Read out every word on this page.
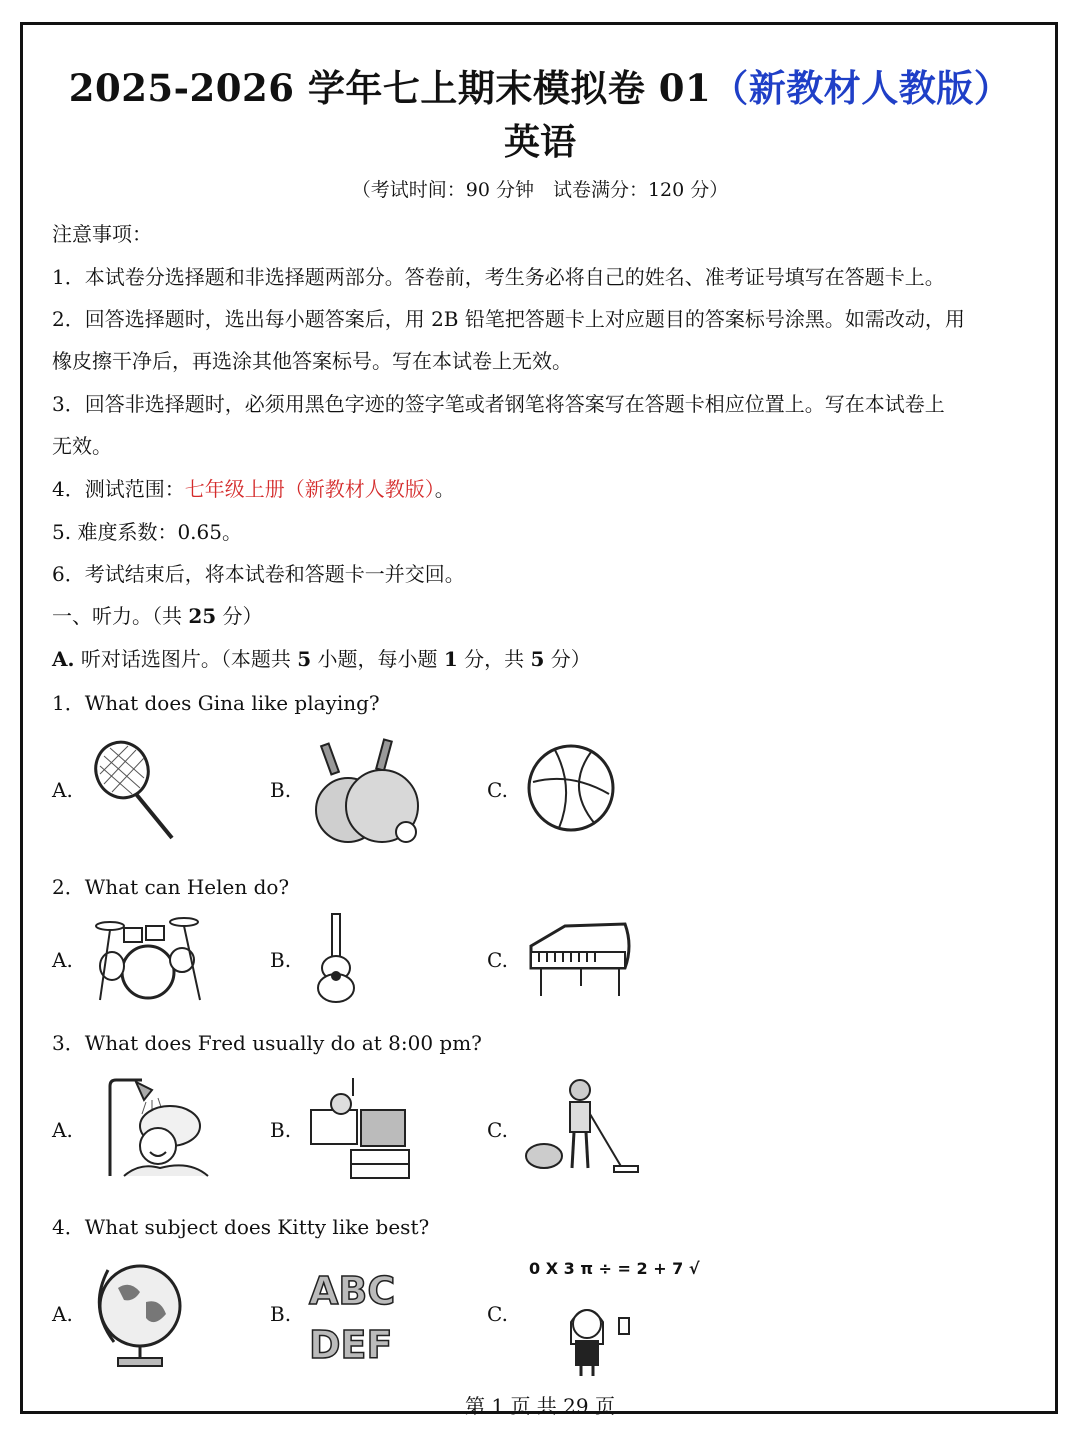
2025-2026 学年七上期末模拟卷 01（新教材人教版）
英语
（考试时间：90 分钟　试卷满分：120 分）
注意事项：
1．本试卷分选择题和非选择题两部分。答卷前，考生务必将自己的姓名、准考证号填写在答题卡上。
2．回答选择题时，选出每小题答案后，用 2B 铅笔把答题卡上对应题目的答案标号涂黑。如需改动，用
橡皮擦干净后，再选涂其他答案标号。写在本试卷上无效。
3．回答非选择题时，必须用黑色字迹的签字笔或者钢笔将答案写在答题卡相应位置上。写在本试卷上
无效。
4．测试范围：七年级上册（新教材人教版）。
5. 难度系数：0.65。
6．考试结束后，将本试卷和答题卡一并交回。
一、听力。（共 25 分）
A. 听对话选图片。（本题共 5 小题，每小题 1 分，共 5 分）
1．What does Gina like playing?
A.	B.	C.
2．What can Helen do?
A.	B.	C.
3．What does Fred usually do at 8:00 pm?
A.	B.	C.
4．What subject does Kitty like best?
A.	B.
ABC
DEF
C.
0 X 3 π ÷ = 2 + 7 √
第 1 页 共 29 页
